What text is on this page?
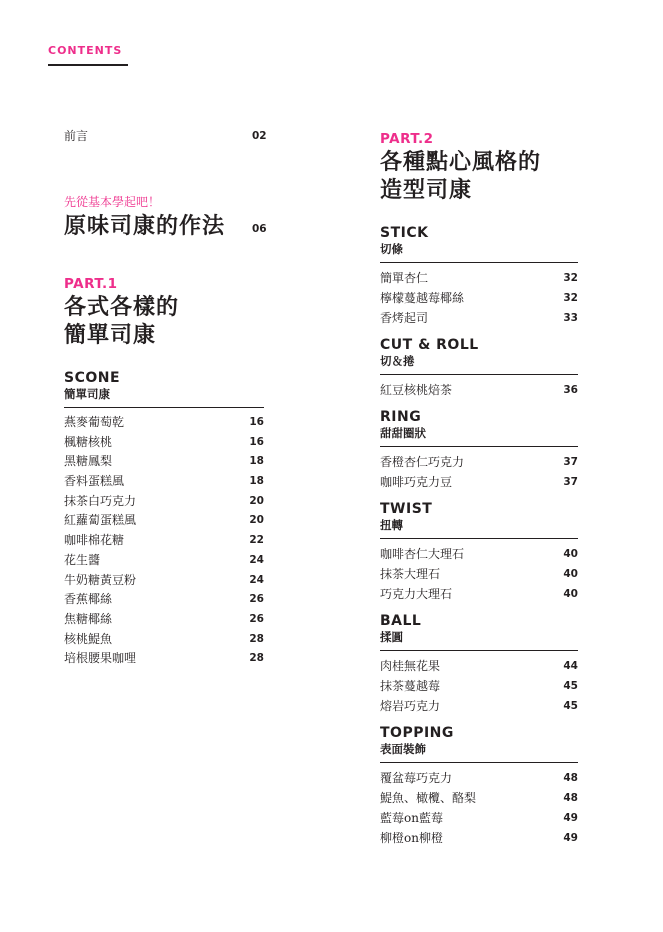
CONTENTS
前言	02
先從基本學起吧！
原味司康的作法	06
PART.1
各式各樣的
簡單司康
SCONE
簡單司康
燕麥葡萄乾	16
楓糖核桃	16
黑糖鳳梨	18
香料蛋糕風	18
抹茶白巧克力	20
紅蘿蔔蛋糕風	20
咖啡棉花糖	22
花生醬	24
牛奶糖黃豆粉	24
香蕉椰絲	26
焦糖椰絲	26
核桃鯷魚	28
培根腰果咖哩	28
PART.2
各種點心風格的
造型司康
STICK
切條
簡單杏仁	32
檸檬蔓越莓椰絲	32
香烤起司	33
CUT & ROLL
切＆捲
紅豆核桃焙茶	36
RING
甜甜圈狀
香橙杏仁巧克力	37
咖啡巧克力豆	37
TWIST
扭轉
咖啡杏仁大理石	40
抹茶大理石	40
巧克力大理石	40
BALL
揉圓
肉桂無花果	44
抹茶蔓越莓	45
熔岩巧克力	45
TOPPING
表面裝飾
覆盆莓巧克力	48
鯷魚、橄欖、酪梨	48
藍莓on藍莓	49
柳橙on柳橙	49
